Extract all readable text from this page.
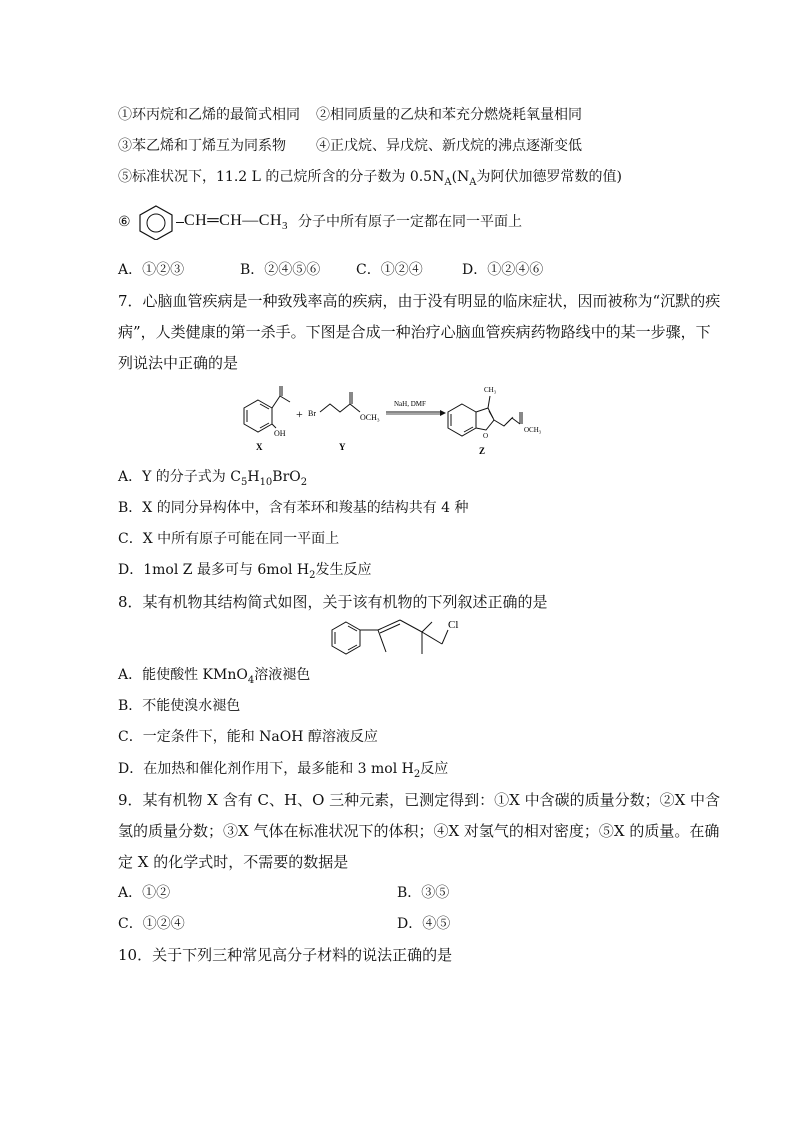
①环丙烷和乙烯的最简式相同 ②相同质量的乙炔和苯充分燃烧耗氧量相同
③苯乙烯和丁烯互为同系物 ④正戊烷、异戊烷、新戊烷的沸点逐渐变低
⑤标准状况下，11.2 L 的己烷所含的分子数为 $0.5N_A(N_A$为阿伏加德罗常数的值)
⑥	$CH═CH—CH_3$ 分子中所有原子一定都在同一平面上
A．①②③	B．②④⑤⑥	C．①②④	D．①②④⑥
7．心脑血管疾病是一种致残率高的疾病，由于没有明显的临床症状，因而被称为“沉默的疾
病”，人类健康的第一杀手。下图是合成一种治疗心脑血管疾病药物路线中的某一步骤，下
列说法中正确的是
OH
X
+ Br	OCH₃
Y
NaH, DMF
O
CH₃
OCH₃
Z
A．Y 的分子式为 $C_5H_{10}BrO_2$
B．X 的同分异构体中，含有苯环和羧基的结构共有 4 种
C．X 中所有原子可能在同一平面上
D．1mol Z 最多可与 6mol $H_2$发生反应
8．某有机物其结构简式如图，关于该有机物的下列叙述正确的是
Cl
A．能使酸性 KMnO$_4$溶液褪色
B．不能使溴水褪色
C．一定条件下，能和 NaOH 醇溶液反应
D．在加热和催化剂作用下，最多能和 3 mol $H_2$反应
9．某有机物 X 含有 C、H、O 三种元素，已测定得到：①X 中含碳的质量分数；②X 中含
氢的质量分数；③X 气体在标准状况下的体积；④X 对氢气的相对密度；⑤X 的质量。在确
定 X 的化学式时，不需要的数据是
A．①②	B．③⑤
C．①②④	D．④⑤
10．关于下列三种常见高分子材料的说法正确的是
